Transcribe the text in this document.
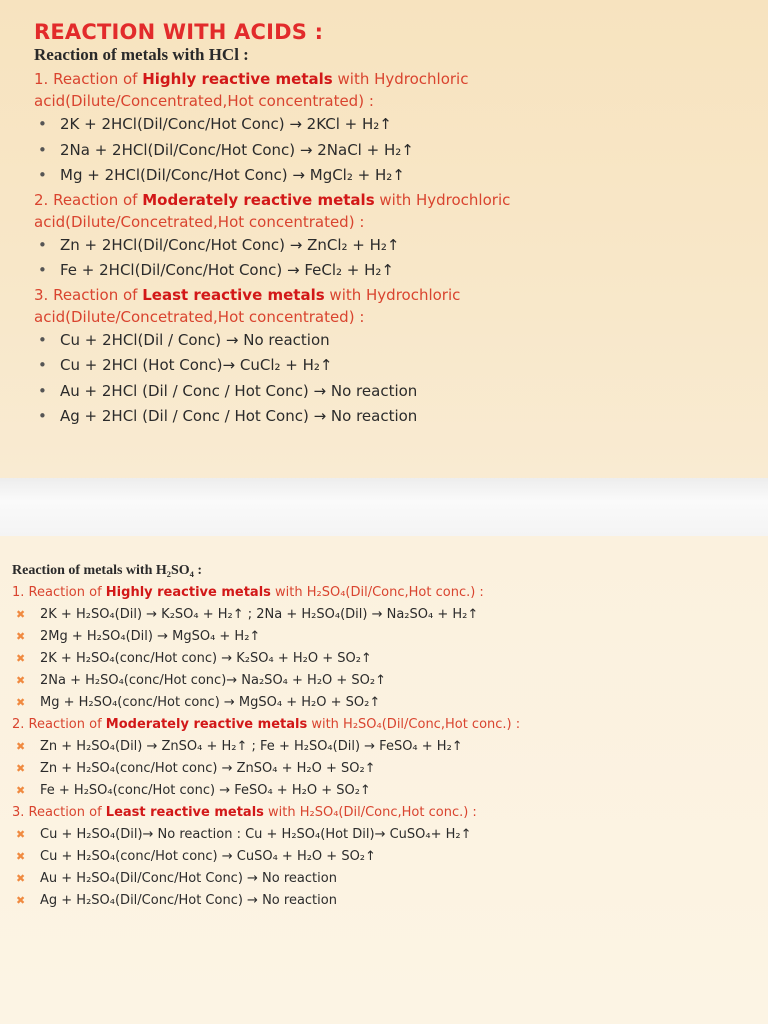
REACTION WITH ACIDS :
Reaction of metals with HCl :
1. Reaction of Highly reactive metals with Hydrochloric
acid(Dilute/Concentrated,Hot concentrated) :
• 2K + 2HCl(Dil/Conc/Hot Conc) → 2KCl + H₂↑
• 2Na + 2HCl(Dil/Conc/Hot Conc) → 2NaCl + H₂↑
• Mg + 2HCl(Dil/Conc/Hot Conc) → MgCl₂ + H₂↑
2. Reaction of Moderately reactive metals with Hydrochloric
acid(Dilute/Concetrated,Hot concentrated) :
• Zn + 2HCl(Dil/Conc/Hot Conc) → ZnCl₂ + H₂↑
• Fe + 2HCl(Dil/Conc/Hot Conc) → FeCl₂ + H₂↑
3. Reaction of Least reactive metals with Hydrochloric
acid(Dilute/Concetrated,Hot concentrated) :
• Cu + 2HCl(Dil / Conc) → No reaction
• Cu + 2HCl (Hot Conc)→ CuCl₂ + H₂↑
• Au + 2HCl (Dil / Conc / Hot Conc) → No reaction
• Ag + 2HCl (Dil / Conc / Hot Conc) → No reaction
Reaction of metals with H₂SO₄ :
1. Reaction of Highly reactive metals with H₂SO₄(Dil/Conc,Hot conc.) :
✖ 2K + H₂SO₄(Dil) → K₂SO₄ + H₂↑ ; 2Na + H₂SO₄(Dil) → Na₂SO₄ + H₂↑
✖ 2Mg + H₂SO₄(Dil) → MgSO₄ + H₂↑
✖ 2K + H₂SO₄(conc/Hot conc) → K₂SO₄ + H₂O + SO₂↑
✖ 2Na + H₂SO₄(conc/Hot conc)→ Na₂SO₄ + H₂O + SO₂↑
✖ Mg + H₂SO₄(conc/Hot conc) → MgSO₄ + H₂O + SO₂↑
2. Reaction of Moderately reactive metals with H₂SO₄(Dil/Conc,Hot conc.) :
✖ Zn + H₂SO₄(Dil) → ZnSO₄ + H₂↑ ; Fe + H₂SO₄(Dil) → FeSO₄ + H₂↑
✖ Zn + H₂SO₄(conc/Hot conc) → ZnSO₄ + H₂O + SO₂↑
✖ Fe + H₂SO₄(conc/Hot conc) → FeSO₄ + H₂O + SO₂↑
3. Reaction of Least reactive metals with H₂SO₄(Dil/Conc,Hot conc.) :
✖ Cu + H₂SO₄(Dil)→ No reaction : Cu + H₂SO₄(Hot Dil)→ CuSO₄+ H₂↑
✖ Cu + H₂SO₄(conc/Hot conc) → CuSO₄ + H₂O + SO₂↑
✖ Au + H₂SO₄(Dil/Conc/Hot Conc) → No reaction
✖ Ag + H₂SO₄(Dil/Conc/Hot Conc) → No reaction
